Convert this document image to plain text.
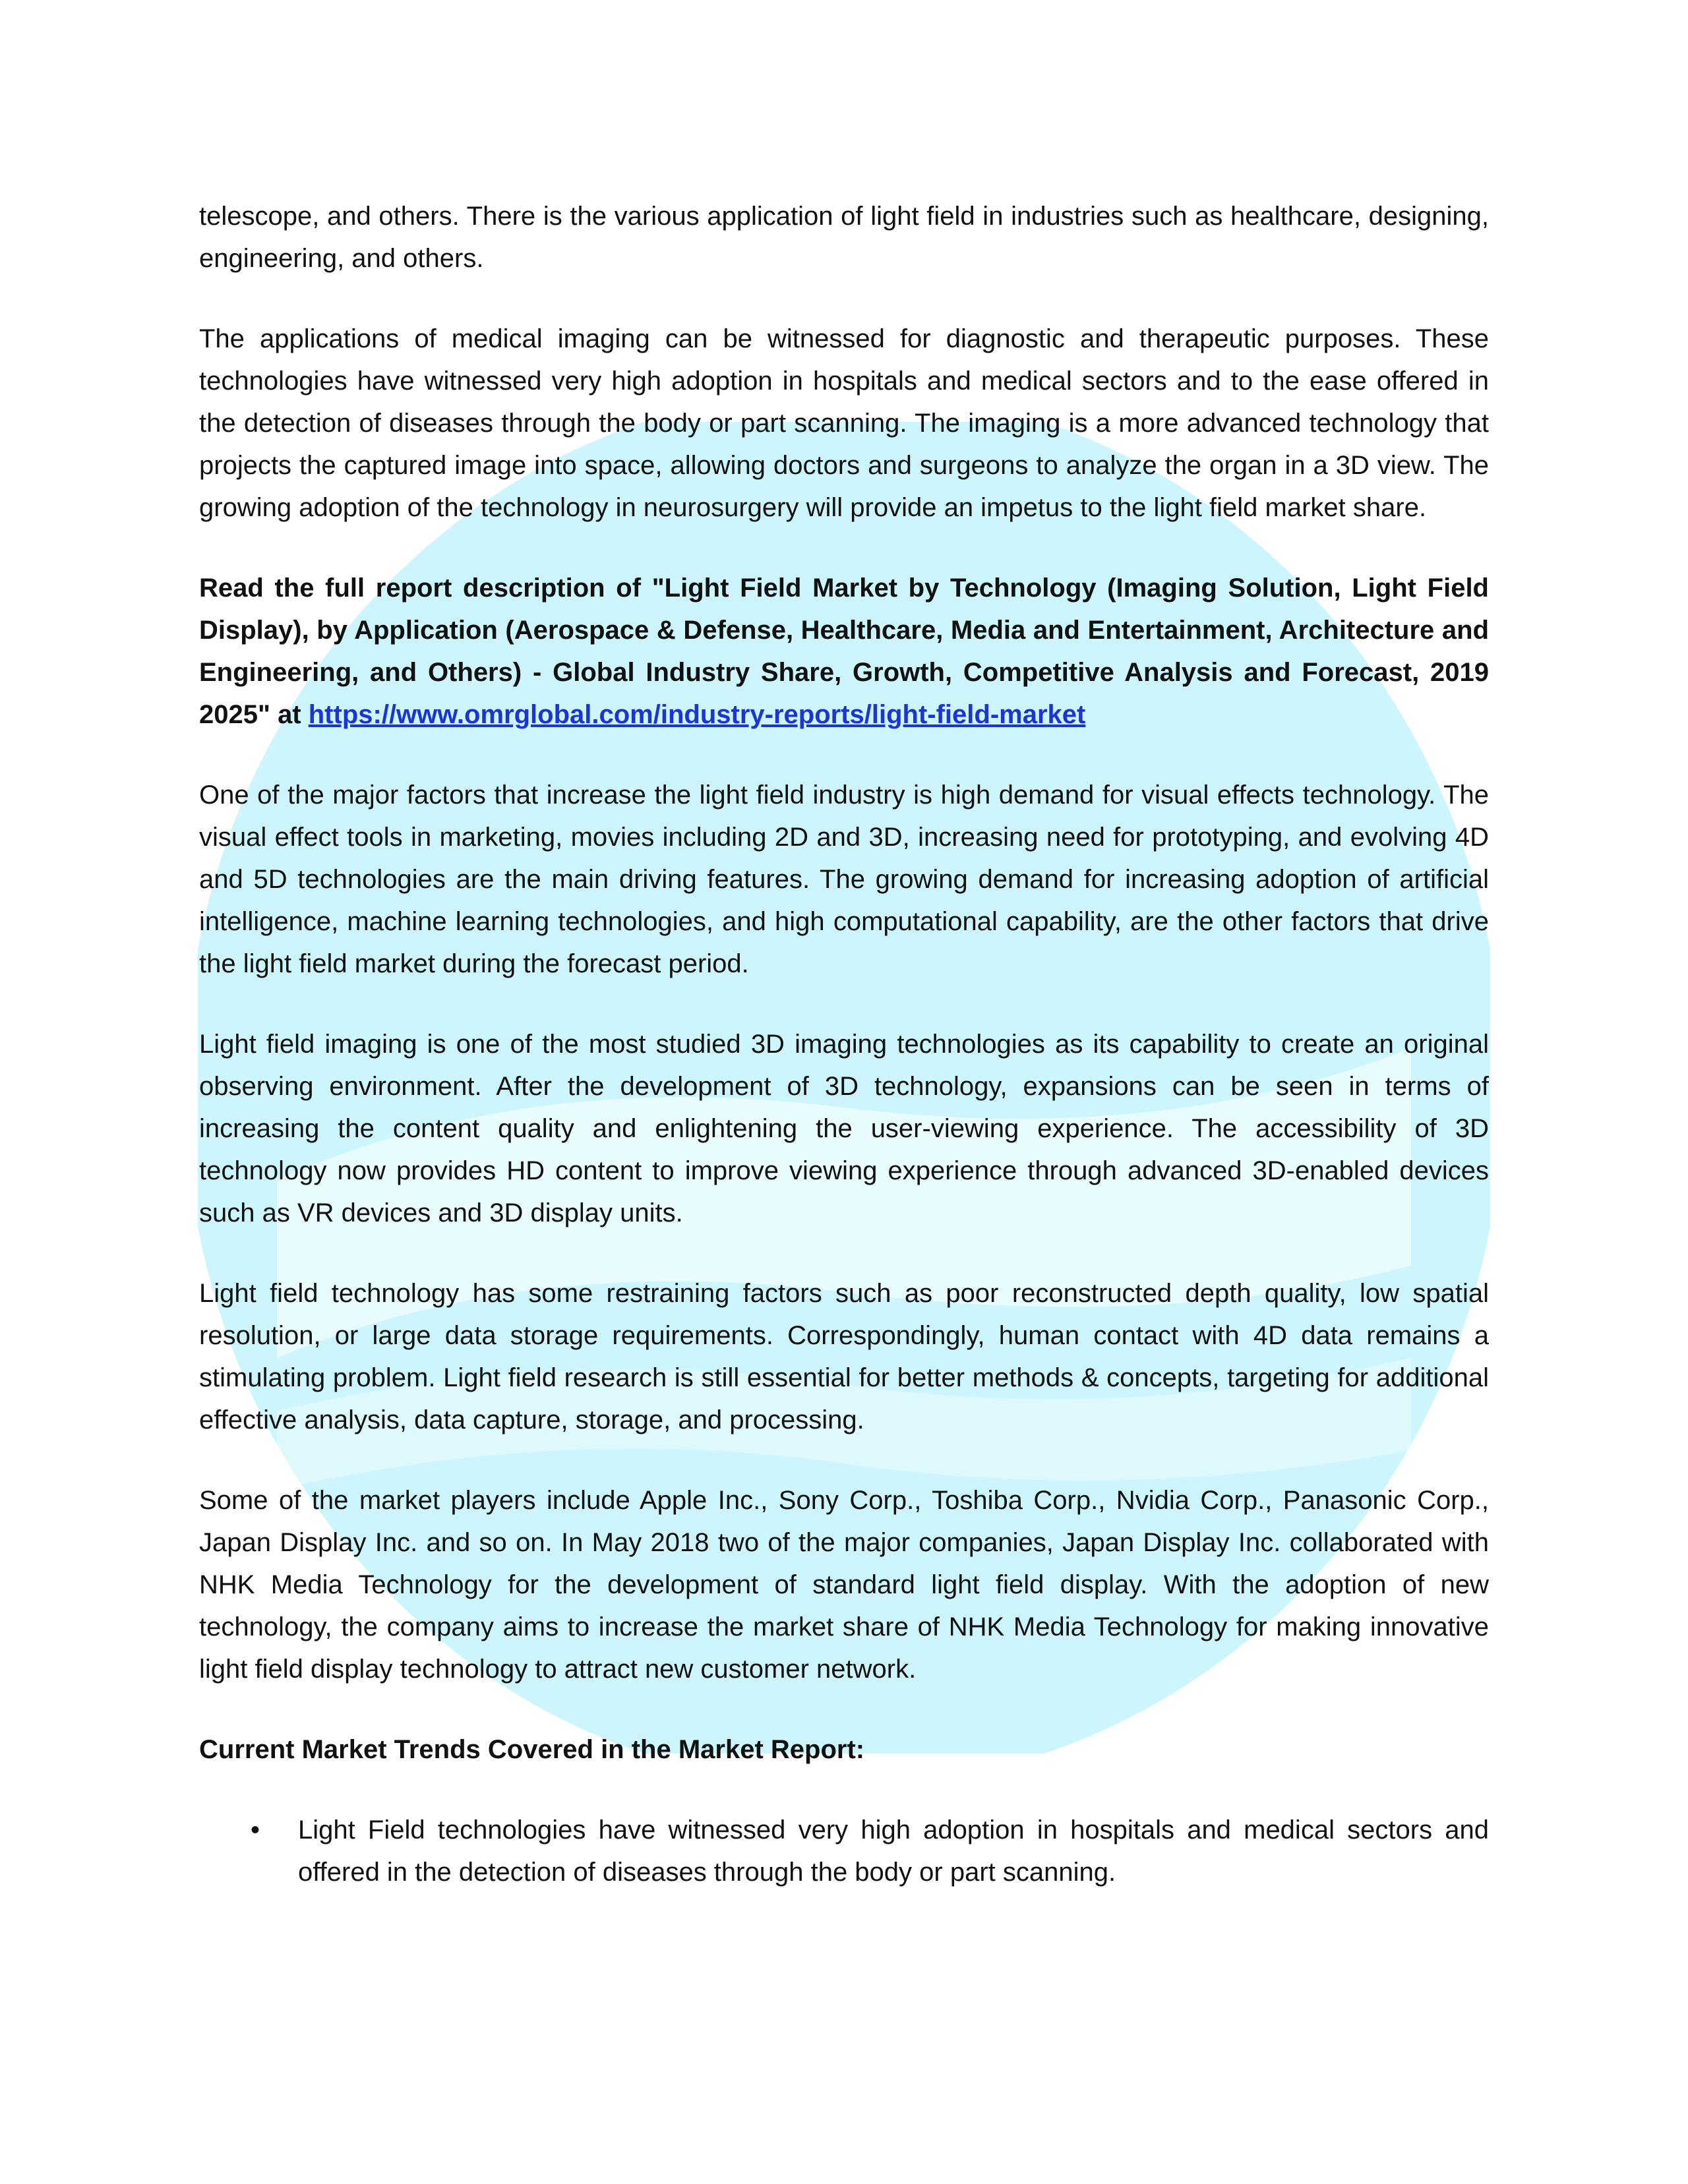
telescope, and others. There is the various application of light field in industries such as healthcare, designing, engineering, and others.

The applications of medical imaging can be witnessed for diagnostic and therapeutic purposes. These technologies have witnessed very high adoption in hospitals and medical sectors and to the ease offered in the detection of diseases through the body or part scanning. The imaging is a more advanced technology that projects the captured image into space, allowing doctors and surgeons to analyze the organ in a 3D view. The growing adoption of the technology in neurosurgery will provide an impetus to the light field market share.

Read the full report description of "Light Field Market by Technology (Imaging Solution, Light Field Display), by Application (Aerospace & Defense, Healthcare, Media and Entertainment, Architecture and Engineering, and Others) - Global Industry Share, Growth, Competitive Analysis and Forecast, 2019 2025" at https://www.omrglobal.com/industry-reports/light-field-market

One of the major factors that increase the light field industry is high demand for visual effects technology. The visual effect tools in marketing, movies including 2D and 3D, increasing need for prototyping, and evolving 4D and 5D technologies are the main driving features. The growing demand for increasing adoption of artificial intelligence, machine learning technologies, and high computational capability, are the other factors that drive the light field market during the forecast period.

Light field imaging is one of the most studied 3D imaging technologies as its capability to create an original observing environment. After the development of 3D technology, expansions can be seen in terms of increasing the content quality and enlightening the user-viewing experience. The accessibility of 3D technology now provides HD content to improve viewing experience through advanced 3D-enabled devices such as VR devices and 3D display units.

Light field technology has some restraining factors such as poor reconstructed depth quality, low spatial resolution, or large data storage requirements. Correspondingly, human contact with 4D data remains a stimulating problem. Light field research is still essential for better methods & concepts, targeting for additional effective analysis, data capture, storage, and processing.

Some of the market players include Apple Inc., Sony Corp., Toshiba Corp., Nvidia Corp., Panasonic Corp., Japan Display Inc. and so on. In May 2018 two of the major companies, Japan Display Inc. collaborated with NHK Media Technology for the development of standard light field display. With the adoption of new technology, the company aims to increase the market share of NHK Media Technology for making innovative light field display technology to attract new customer network.

Current Market Trends Covered in the Market Report:

• Light Field technologies have witnessed very high adoption in hospitals and medical sectors and offered in the detection of diseases through the body or part scanning.
